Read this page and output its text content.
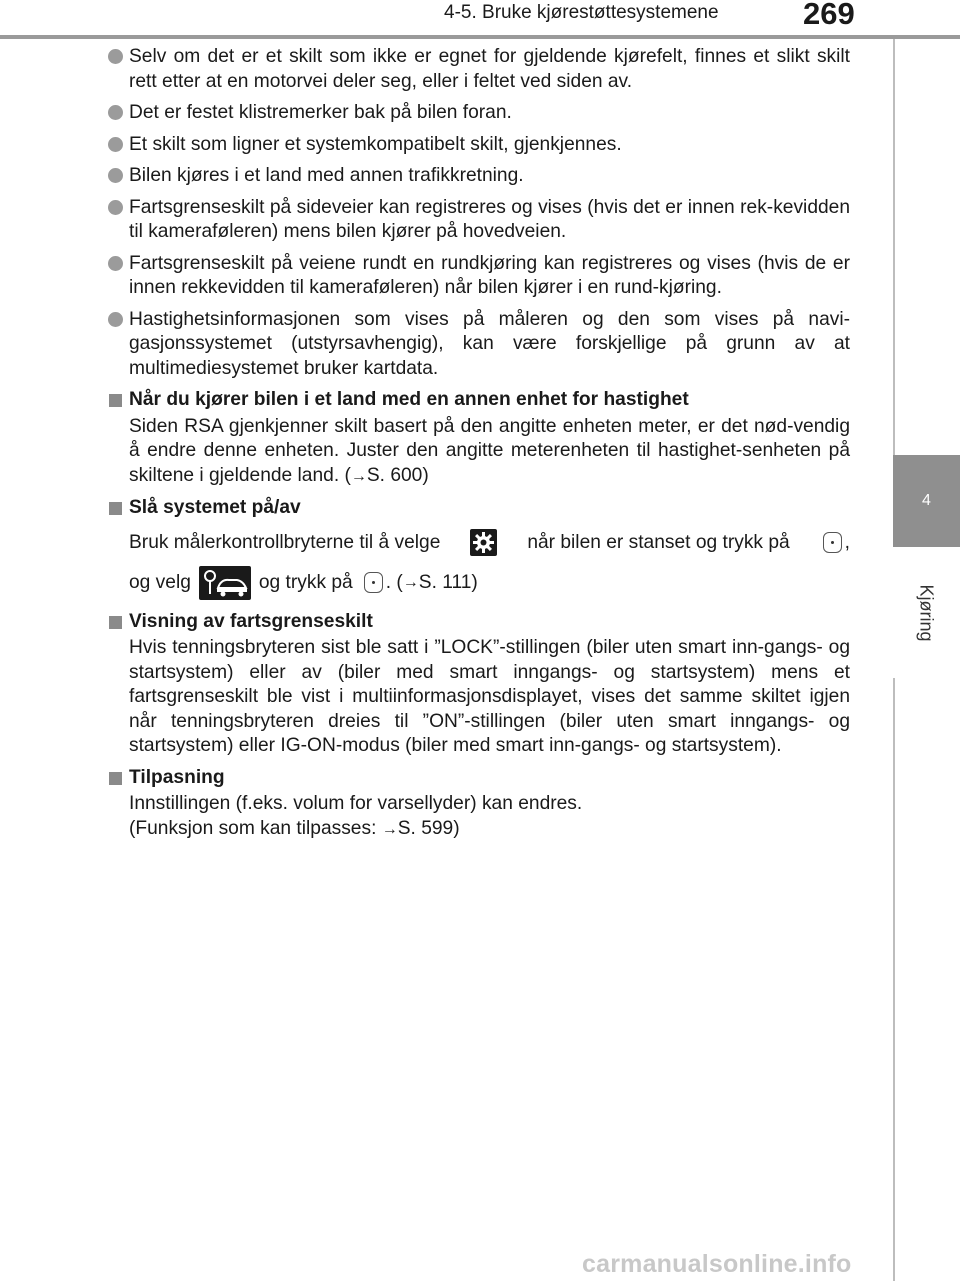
4-5. Bruke kjørestøttesystemene	269
4
Kjøring
Selv om det er et skilt som ikke er egnet for gjeldende kjørefelt, finnes et slikt skilt rett etter at en motorvei deler seg, eller i feltet ved siden av.
Det er festet klistremerker bak på bilen foran.
Et skilt som ligner et systemkompatibelt skilt, gjenkjennes.
Bilen kjøres i et land med annen trafikkretning.
Fartsgrenseskilt på sideveier kan registreres og vises (hvis det er innen rek-kevidden til kameraføleren) mens bilen kjører på hovedveien.
Fartsgrenseskilt på veiene rundt en rundkjøring kan registreres og vises (hvis de er innen rekkevidden til kameraføleren) når bilen kjører i en rund-kjøring.
Hastighetsinformasjonen som vises på måleren og den som vises på navi-gasjonssystemet (utstyrsavhengig), kan være forskjellige på grunn av at multimediesystemet bruker kartdata.
Når du kjører bilen i et land med en annen enhet for hastighet
Siden RSA gjenkjenner skilt basert på den angitte enheten meter, er det nød-vendig å endre denne enheten. Juster den angitte meterenheten til hastighet-senheten på skiltene i gjeldende land. (→S. 600)
Slå systemet på/av
Bruk målerkontrollbryterne til å velge	når bilen er stanset og trykk på	,
og velg	og trykk på . ( → S. 111)
Visning av fartsgrenseskilt
Hvis tenningsbryteren sist ble satt i ”LOCK”-stillingen (biler uten smart inn-gangs- og startsystem) eller av (biler med smart inngangs- og startsystem) mens et fartsgrenseskilt ble vist i multiinformasjonsdisplayet, vises det samme skiltet igjen når tenningsbryteren dreies til ”ON”-stillingen (biler uten smart inngangs- og startsystem) eller IG-ON-modus (biler med smart inn-gangs- og startsystem).
Tilpasning
Innstillingen (f.eks. volum for varsellyder) kan endres.
(Funksjon som kan tilpasses: →S. 599)
carmanualsonline.info
